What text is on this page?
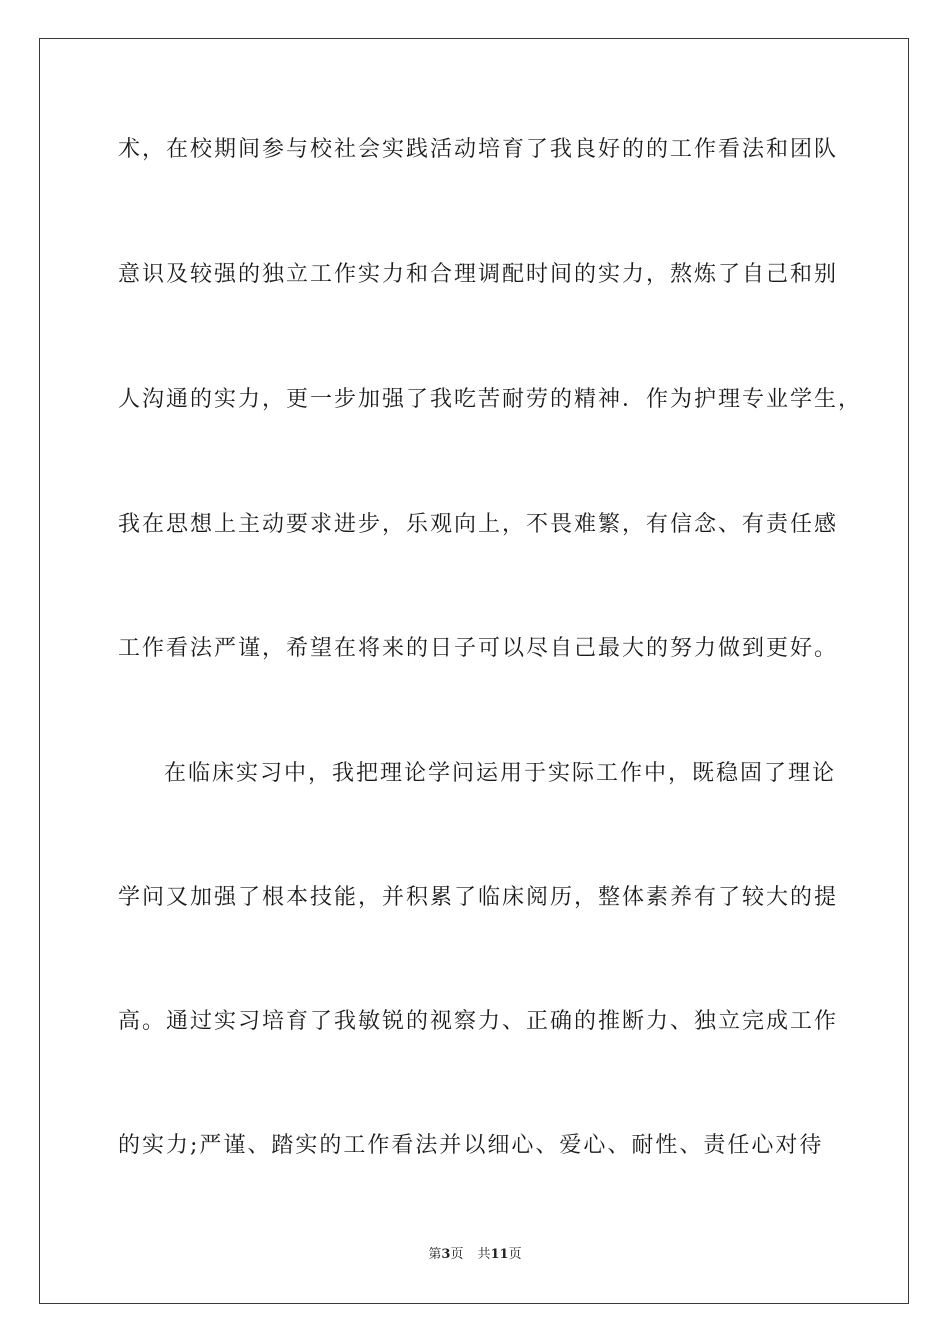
术，在校期间参与校社会实践活动培育了我良好的的工作看法和团队
意识及较强的独立工作实力和合理调配时间的实力，熬炼了自己和别
人沟通的实力，更一步加强了我吃苦耐劳的精神．作为护理专业学生，
我在思想上主动要求进步，乐观向上，不畏难繁，有信念、有责任感
工作看法严谨，希望在将来的日子可以尽自己最大的努力做到更好。
在临床实习中，我把理论学问运用于实际工作中，既稳固了理论
学问又加强了根本技能，并积累了临床阅历，整体素养有了较大的提
高。通过实习培育了我敏锐的视察力、正确的推断力、独立完成工作
的实力;严谨、踏实的工作看法并以细心、爱心、耐性、责任心对待
第3页 共11页
